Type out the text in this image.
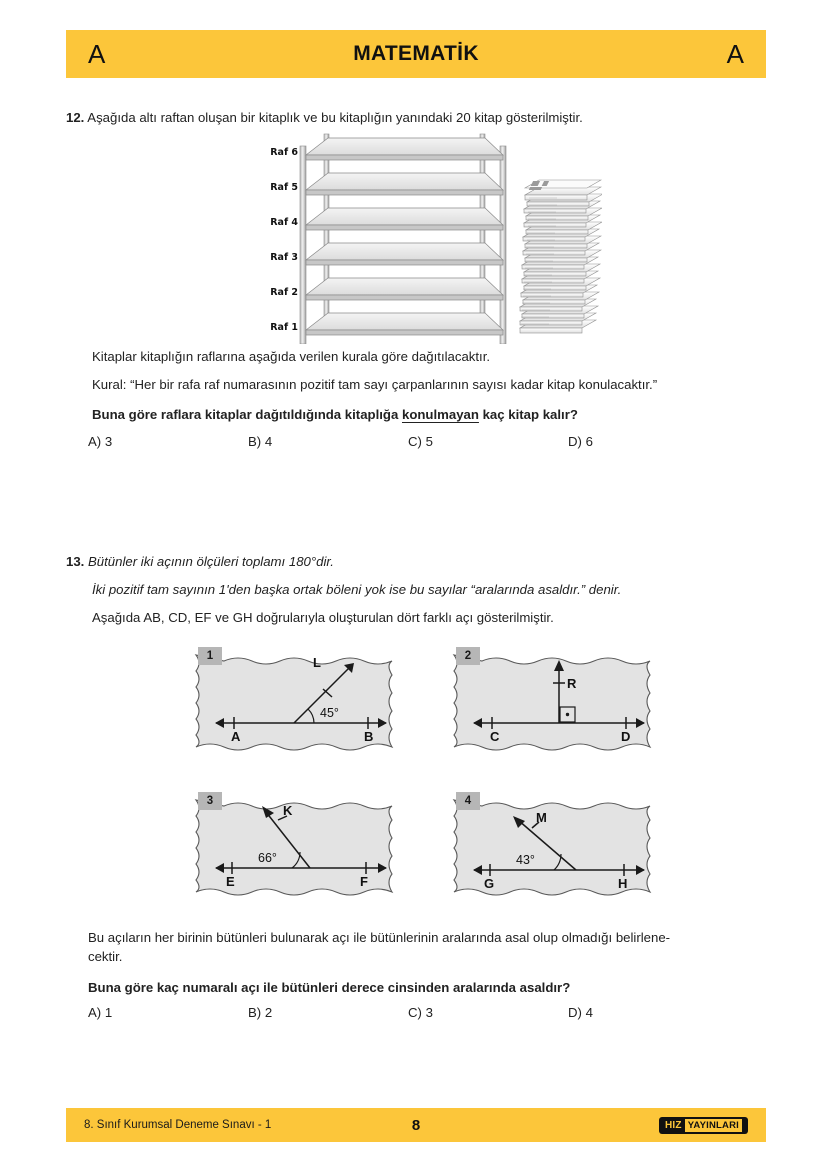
A	MATEMATİK	A
12. Aşağıda altı raftan oluşan bir kitaplık ve bu kitaplığın yanındaki 20 kitap gösterilmiştir.
Raf 6
Raf 5
Raf 4
Raf 3
Raf 2
Raf 1
Kitaplar kitaplığın raflarına aşağıda verilen kurala göre dağıtılacaktır.
Kural: “Her bir rafa raf numarasının pozitif tam sayı çarpanlarının sayısı kadar kitap konulacaktır.”
Buna göre raflara kitaplar dağıtıldığında kitaplığa konulmayan kaç kitap kalır?
A) 3	B) 4	C) 5	D) 6
13. Bütünler iki açının ölçüleri toplamı 180°dir.
İki pozitif tam sayının 1'den başka ortak böleni yok ise bu sayılar “aralarında asaldır.” denir.
Aşağıda AB, CD, EF ve GH doğrularıyla oluşturulan dört farklı açı gösterilmiştir.
A	B
L
45°
1
C	D
R
2
E	F
K
66°
3
G	H
M
43°
4
Bu açıların her birinin bütünleri bulunarak açı ile bütünlerinin aralarında asal olup olmadığı belirlene-
cektir.
Buna göre kaç numaralı açı ile bütünleri derece cinsinden aralarında asaldır?
A) 1	B) 2	C) 3	D) 4
8. Sınıf Kurumsal Deneme Sınavı - 1	8	HIZ YAYINLARI
